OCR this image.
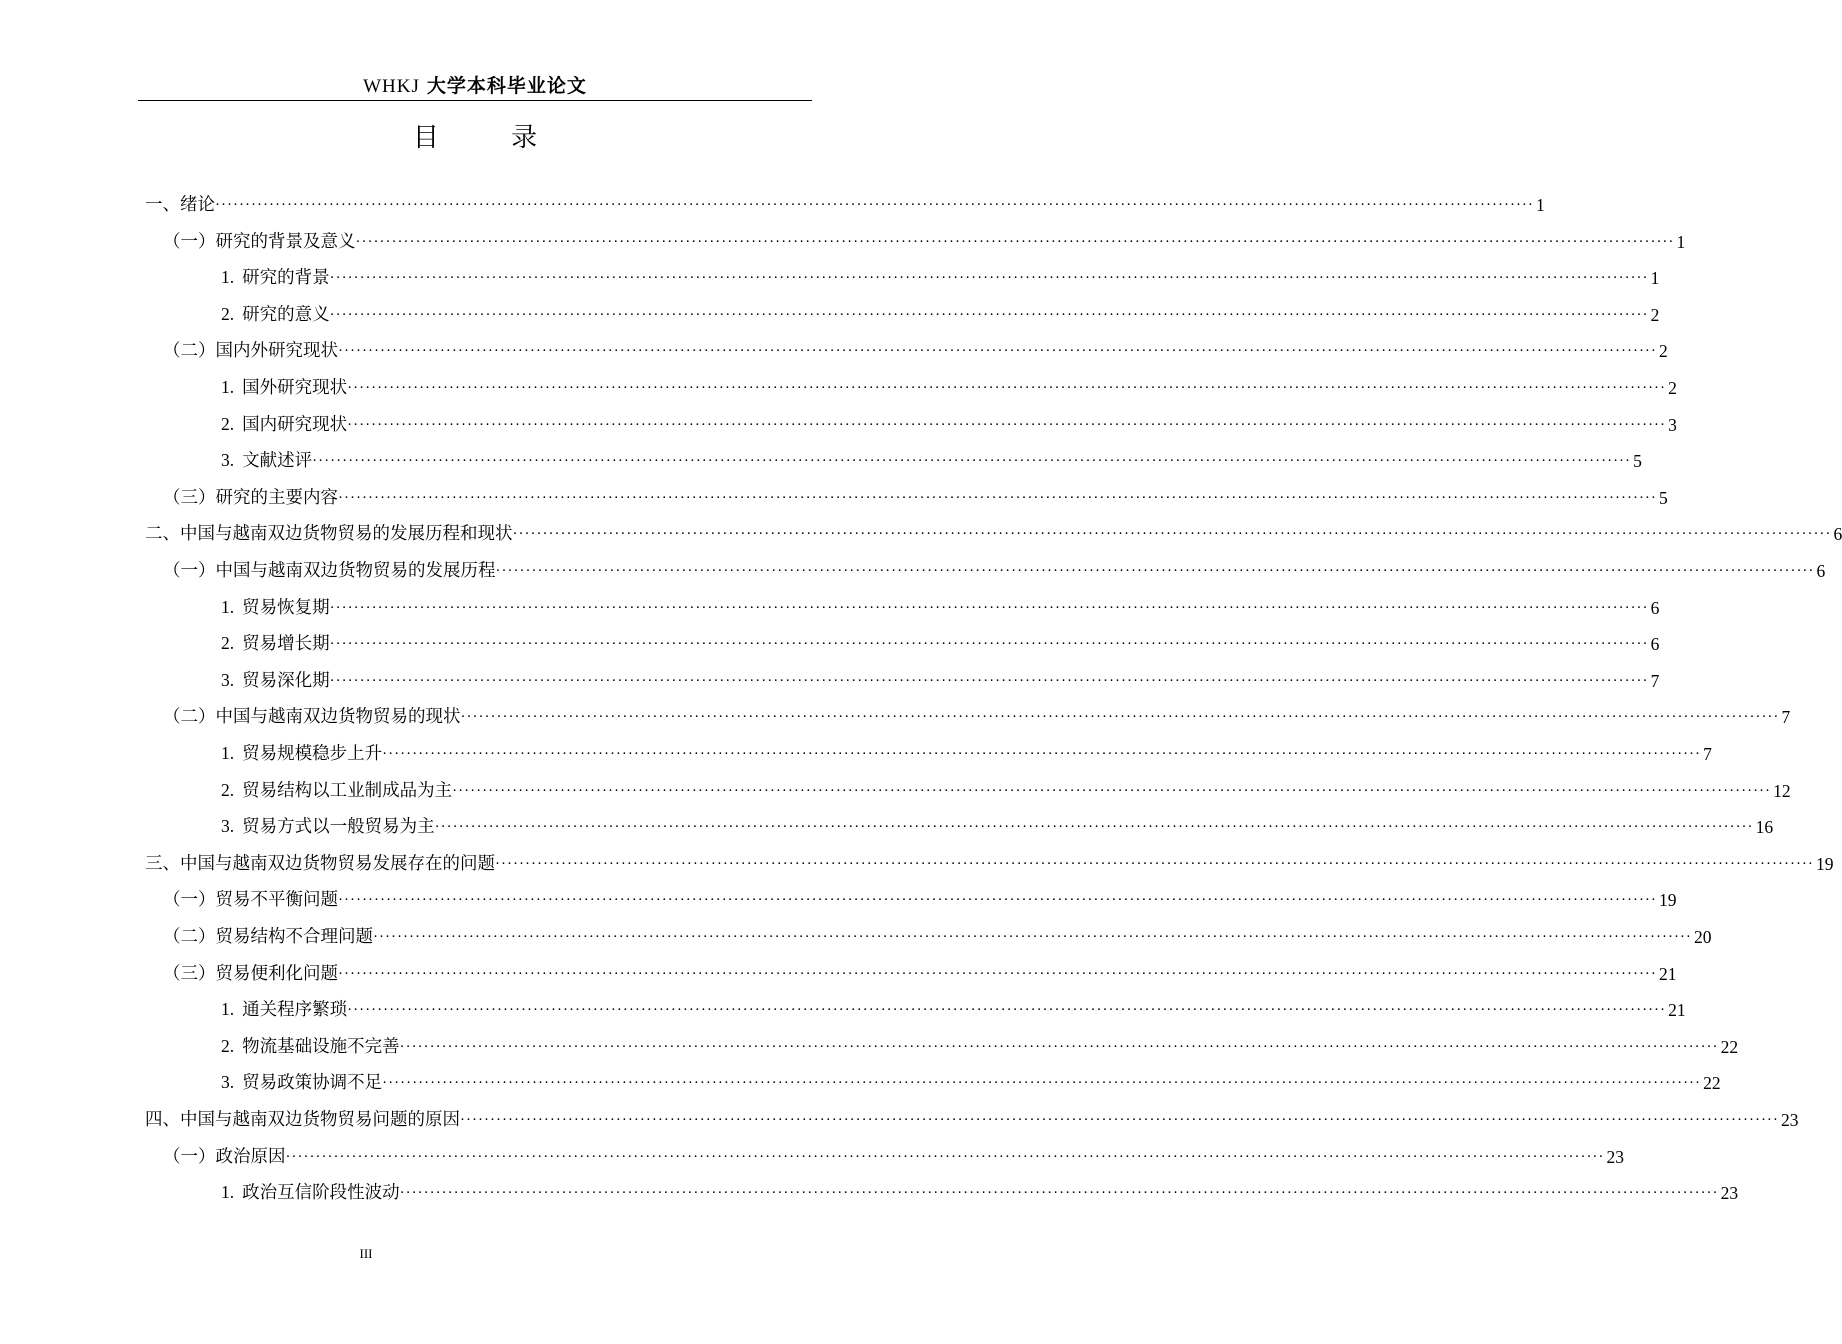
WHKJ 大学本科毕业论文
目 录
一、绪论 ···························································································································································································································· 1
（一）研究的背景及意义 ···························································································································································································································· 1
1. 研究的背景 ···························································································································································································································· 1
2. 研究的意义 ···························································································································································································································· 2
（二）国内外研究现状 ···························································································································································································································· 2
1. 国外研究现状 ···························································································································································································································· 2
2. 国内研究现状 ···························································································································································································································· 3
3. 文献述评 ···························································································································································································································· 5
（三）研究的主要内容 ···························································································································································································································· 5
二、中国与越南双边货物贸易的发展历程和现状 ···························································································································································································································· 6
（一）中国与越南双边货物贸易的发展历程 ···························································································································································································································· 6
1. 贸易恢复期 ···························································································································································································································· 6
2. 贸易增长期 ···························································································································································································································· 6
3. 贸易深化期 ···························································································································································································································· 7
（二）中国与越南双边货物贸易的现状 ···························································································································································································································· 7
1. 贸易规模稳步上升 ···························································································································································································································· 7
2. 贸易结构以工业制成品为主 ···························································································································································································································· 12
3. 贸易方式以一般贸易为主 ···························································································································································································································· 16
三、中国与越南双边货物贸易发展存在的问题 ···························································································································································································································· 19
（一）贸易不平衡问题 ···························································································································································································································· 19
（二）贸易结构不合理问题 ···························································································································································································································· 20
（三）贸易便利化问题 ···························································································································································································································· 21
1. 通关程序繁琐 ···························································································································································································································· 21
2. 物流基础设施不完善 ···························································································································································································································· 22
3. 贸易政策协调不足 ···························································································································································································································· 22
四、中国与越南双边货物贸易问题的原因 ···························································································································································································································· 23
（一）政治原因 ···························································································································································································································· 23
1. 政治互信阶段性波动 ···························································································································································································································· 23
III
